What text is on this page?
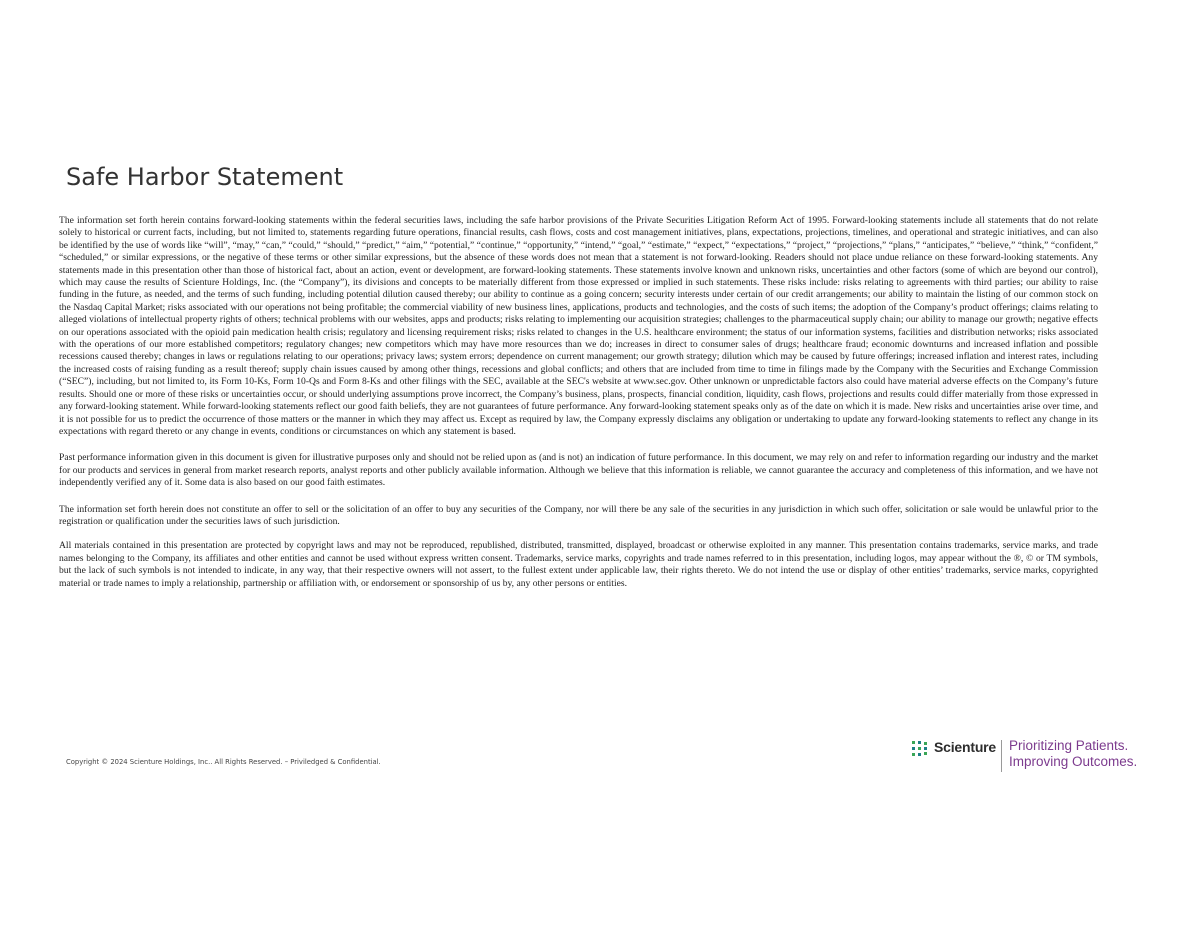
Safe Harbor Statement

The information set forth herein contains forward-looking statements within the federal securities laws, including the safe harbor provisions of the Private Securities Litigation Reform Act of 1995. Forward-looking statements include all statements that do not relate solely to historical or current facts, including, but not limited to, statements regarding future operations, financial results, cash flows, costs and cost management initiatives, plans, expectations, projections, timelines, and operational and strategic initiatives, and can also be identified by the use of words like “will”, “may,” “can,” “could,” “should,” “predict,” “aim,” “potential,” “continue,” “opportunity,” “intend,” “goal,” “estimate,” “expect,” “expectations,” “project,” “projections,” “plans,” “anticipates,” “believe,” “think,” “confident,” “scheduled,” or similar expressions, or the negative of these terms or other similar expressions, but the absence of these words does not mean that a statement is not forward-looking. Readers should not place undue reliance on these forward-looking statements. Any statements made in this presentation other than those of historical fact, about an action, event or development, are forward-looking statements. These statements involve known and unknown risks, uncertainties and other factors (some of which are beyond our control), which may cause the results of Scienture Holdings, Inc. (the “Company”), its divisions and concepts to be materially different from those expressed or implied in such statements. These risks include: risks relating to agreements with third parties; our ability to raise funding in the future, as needed, and the terms of such funding, including potential dilution caused thereby; our ability to continue as a going concern; security interests under certain of our credit arrangements; our ability to maintain the listing of our common stock on the Nasdaq Capital Market; risks associated with our operations not being profitable; the commercial viability of new business lines, applications, products and technologies, and the costs of such items; the adoption of the Company’s product offerings; claims relating to alleged violations of intellectual property rights of others; technical problems with our websites, apps and products; risks relating to implementing our acquisition strategies; challenges to the pharmaceutical supply chain; our ability to manage our growth; negative effects on our operations associated with the opioid pain medication health crisis; regulatory and licensing requirement risks; risks related to changes in the U.S. healthcare environment; the status of our information systems, facilities and distribution networks; risks associated with the operations of our more established competitors; regulatory changes; new competitors which may have more resources than we do; increases in direct to consumer sales of drugs; healthcare fraud; economic downturns and increased inflation and possible recessions caused thereby; changes in laws or regulations relating to our operations; privacy laws; system errors; dependence on current management; our growth strategy; dilution which may be caused by future offerings; increased inflation and interest rates, including the increased costs of raising funding as a result thereof; supply chain issues caused by among other things, recessions and global conflicts; and others that are included from time to time in filings made by the Company with the Securities and Exchange Commission (“SEC”), including, but not limited to, its Form 10-Ks, Form 10-Qs and Form 8-Ks and other filings with the SEC, available at the SEC's website at www.sec.gov. Other unknown or unpredictable factors also could have material adverse effects on the Company’s future results. Should one or more of these risks or uncertainties occur, or should underlying assumptions prove incorrect, the Company’s business, plans, prospects, financial condition, liquidity, cash flows, projections and results could differ materially from those expressed in any forward-looking statement. While forward-looking statements reflect our good faith beliefs, they are not guarantees of future performance. Any forward-looking statement speaks only as of the date on which it is made. New risks and uncertainties arise over time, and it is not possible for us to predict the occurrence of those matters or the manner in which they may affect us. Except as required by law, the Company expressly disclaims any obligation or undertaking to update any forward-looking statements to reflect any change in its expectations with regard thereto or any change in events, conditions or circumstances on which any statement is based.

Past performance information given in this document is given for illustrative purposes only and should not be relied upon as (and is not) an indication of future performance. In this document, we may rely on and refer to information regarding our industry and the market for our products and services in general from market research reports, analyst reports and other publicly available information. Although we believe that this information is reliable, we cannot guarantee the accuracy and completeness of this information, and we have not independently verified any of it. Some data is also based on our good faith estimates.

The information set forth herein does not constitute an offer to sell or the solicitation of an offer to buy any securities of the Company, nor will there be any sale of the securities in any jurisdiction in which such offer, solicitation or sale would be unlawful prior to the registration or qualification under the securities laws of such jurisdiction.

All materials contained in this presentation are protected by copyright laws and may not be reproduced, republished, distributed, transmitted, displayed, broadcast or otherwise exploited in any manner. This presentation contains trademarks, service marks, and trade names belonging to the Company, its affiliates and other entities and cannot be used without express written consent. Trademarks, service marks, copyrights and trade names referred to in this presentation, including logos, may appear without the ®, © or TM symbols, but the lack of such symbols is not intended to indicate, in any way, that their respective owners will not assert, to the fullest extent under applicable law, their rights thereto. We do not intend the use or display of other entities’ trademarks, service marks, copyrighted material or trade names to imply a relationship, partnership or affiliation with, or endorsement or sponsorship of us by, any other persons or entities.

Copyright © 2024 Scienture Holdings, Inc.. All Rights Reserved. – Priviledged & Confidential.
Scienture Prioritizing Patients.
Improving Outcomes.
